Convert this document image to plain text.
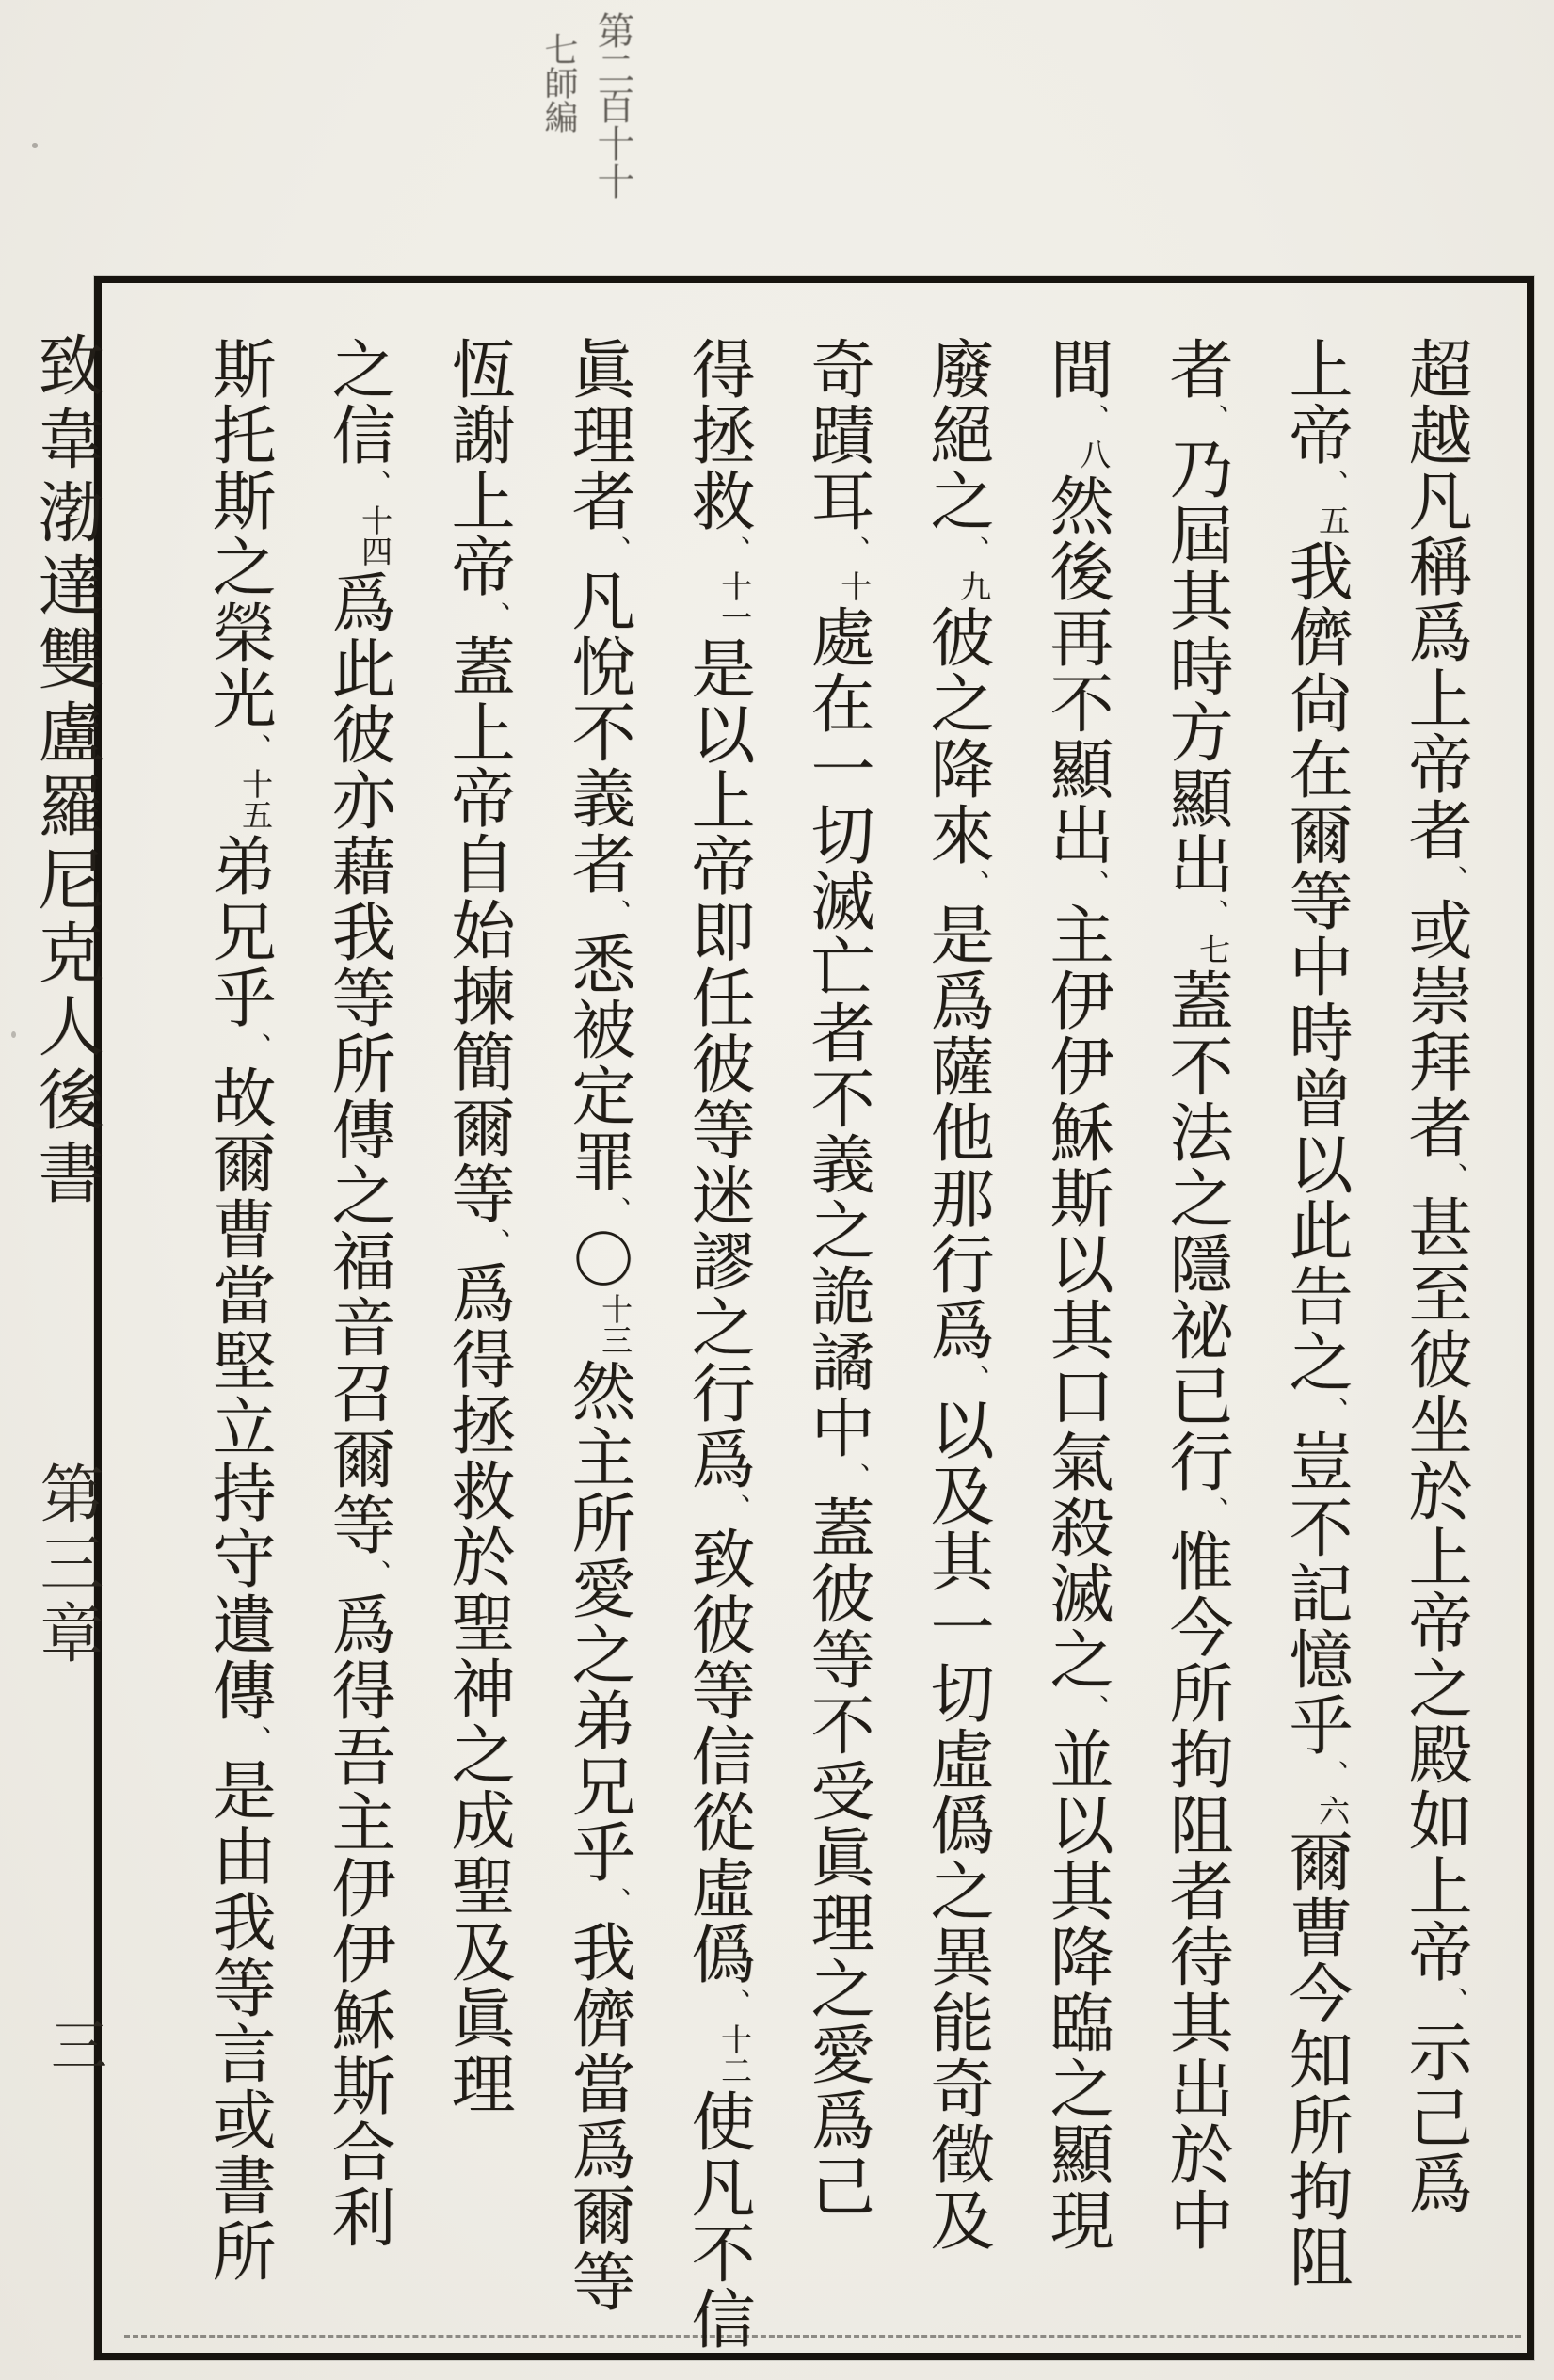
第二百十十
七師編
超越凡稱爲上帝者、或崇拜者、甚至彼坐於上帝之殿如上帝、示己爲
上帝、五我儕尙在爾等中時曾以此告之、豈不記憶乎、六爾曹今知所拘阻
者、乃屆其時方顯出、七蓋不法之隱祕已行、惟今所拘阻者待其出於中
間、八然後再不顯出、主伊伊穌斯以其口氣殺滅之、並以其降臨之顯現
廢絕之、九彼之降來、是爲薩他那行爲、以及其一切虛僞之異能奇徵及
奇蹟耳、十處在一切滅亡者不義之詭譎中、蓋彼等不受眞理之愛爲己
得拯救、十一是以上帝即任彼等迷謬之行爲、致彼等信從虛僞、十二使凡不信
眞理者、凡悅不義者、悉被定罪、〇十三然主所愛之弟兄乎、我儕當爲爾等
恆謝上帝、蓋上帝自始揀簡爾等、爲得拯救於聖神之成聖及眞理
之信、十四爲此彼亦藉我等所傳之福音召爾等、爲得吾主伊伊穌斯合利
斯托斯之榮光、十五弟兄乎、故爾曹當堅立持守遺傳、是由我等言或書所
致韋渤達雙盧羅尼克人後書
第三章
三
